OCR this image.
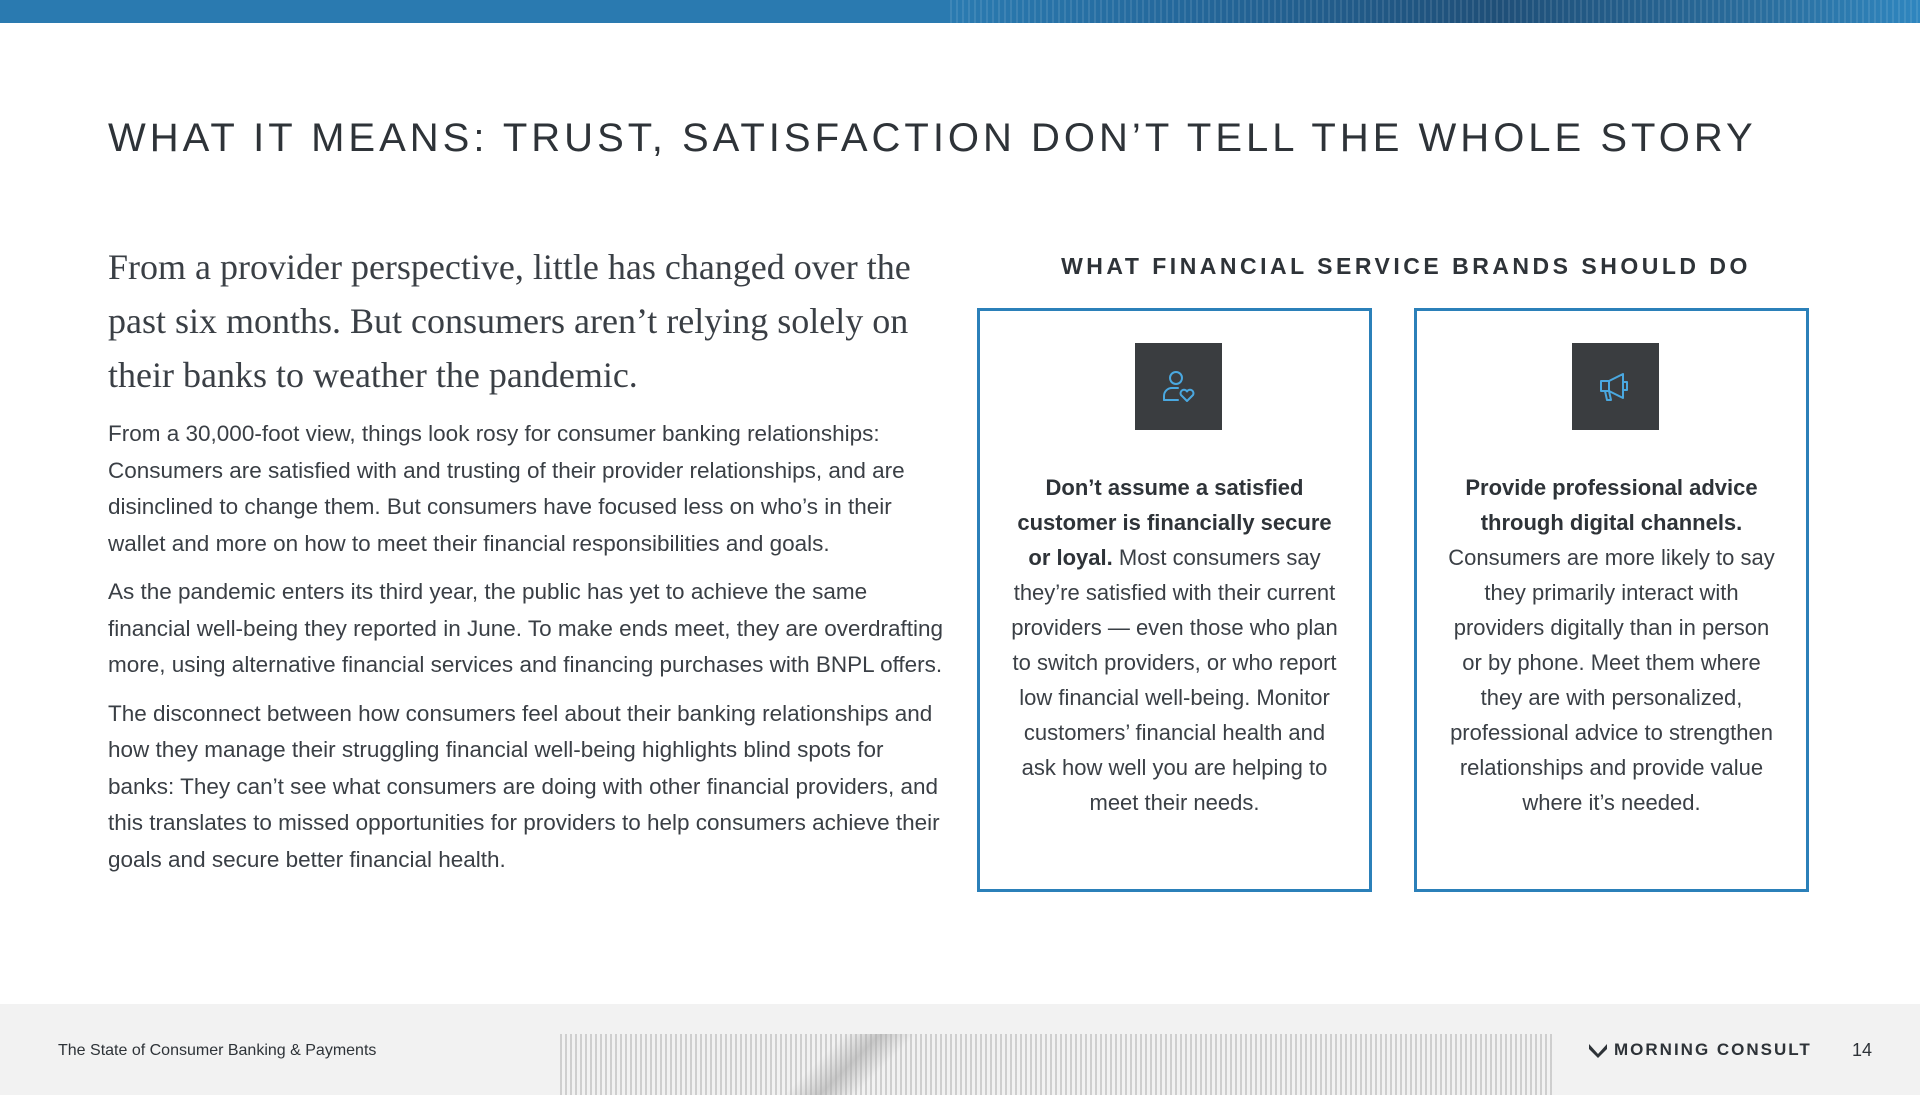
WHAT IT MEANS: TRUST, SATISFACTION DON’T TELL THE WHOLE STORY

From a provider perspective, little has changed over the past six months. But consumers aren’t relying solely on their banks to weather the pandemic.

From a 30,000-foot view, things look rosy for consumer banking relationships: Consumers are satisfied with and trusting of their provider relationships, and are disinclined to change them. But consumers have focused less on who’s in their wallet and more on how to meet their financial responsibilities and goals.

As the pandemic enters its third year, the public has yet to achieve the same financial well-being they reported in June. To make ends meet, they are overdrafting more, using alternative financial services and financing purchases with BNPL offers.

The disconnect between how consumers feel about their banking relationships and how they manage their struggling financial well-being highlights blind spots for banks: They can’t see what consumers are doing with other financial providers, and this translates to missed opportunities for providers to help consumers achieve their goals and secure better financial health.

WHAT FINANCIAL SERVICE BRANDS SHOULD DO
Don’t assume a satisfied customer is financially secure or loyal. Most consumers say they’re satisfied with their current providers — even those who plan to switch providers, or who report low financial well-being. Monitor customers’ financial health and ask how well you are helping to meet their needs.
Provide professional advice through digital channels. Consumers are more likely to say they primarily interact with providers digitally than in person or by phone. Meet them where they are with personalized, professional advice to strengthen relationships and provide value where it’s needed.
The State of Consumer Banking & Payments	MORNING CONSULT 14
